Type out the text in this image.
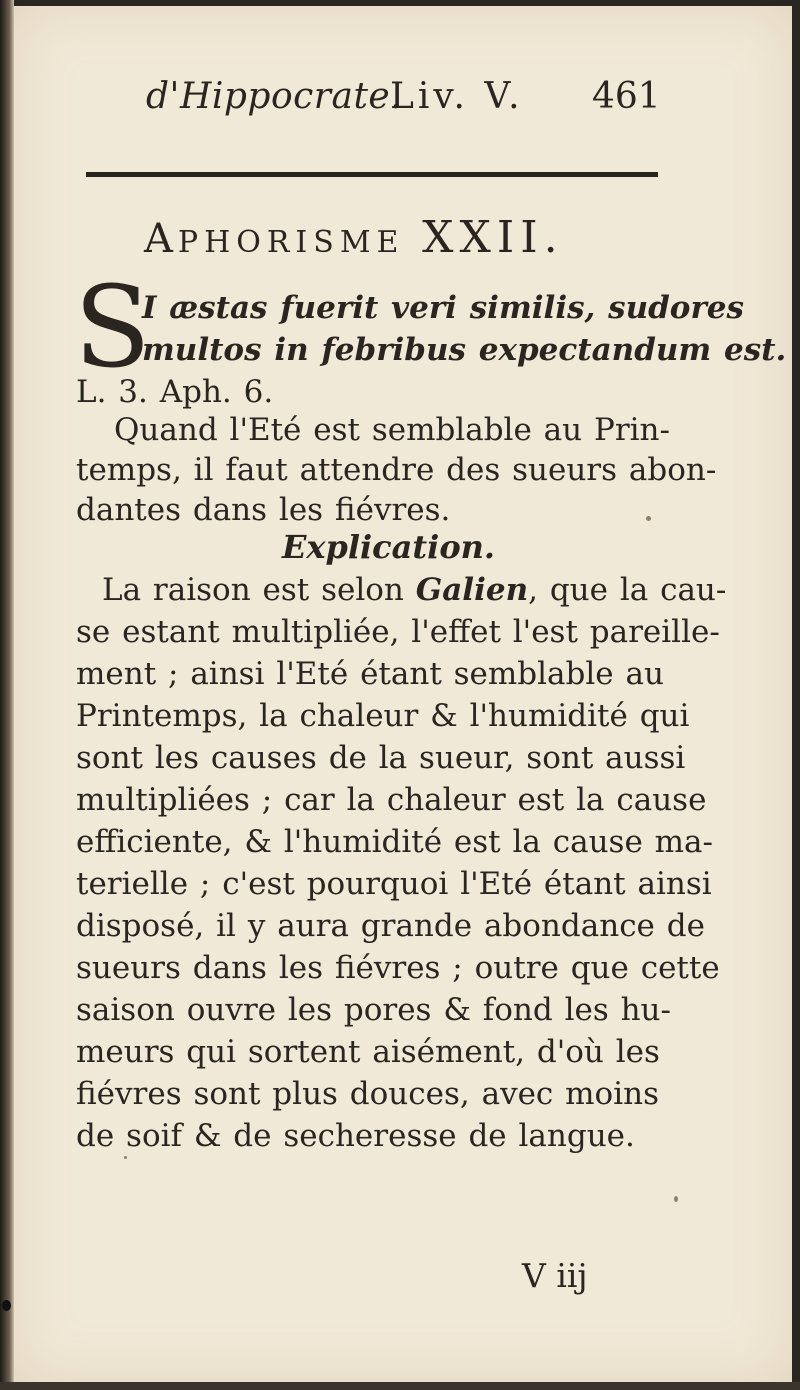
d'Hippocrate.
Liv. V. 461
APHORISME XXII.
S
I æstas fuerit veri similis, sudores
multos in febribus expectandum est.
L. 3. Aph. 6.
Quand l'Eté est semblable au Prin-
temps, il faut attendre des sueurs abon-
dantes dans les fiévres.
Explication.
La raison est selon Galien, que la cau-
se estant multipliée, l'effet l'est pareille-
ment ; ainsi l'Eté étant semblable au
Printemps, la chaleur & l'humidité qui
sont les causes de la sueur, sont aussi
multipliées ; car la chaleur est la cause
efficiente, & l'humidité est la cause ma-
terielle ; c'est pourquoi l'Eté étant ainsi
disposé, il y aura grande abondance de
sueurs dans les fiévres ; outre que cette
saison ouvre les pores & fond les hu-
meurs qui sortent aisément, d'où les
fiévres sont plus douces, avec moins
de soif & de secheresse de langue.
V iij
